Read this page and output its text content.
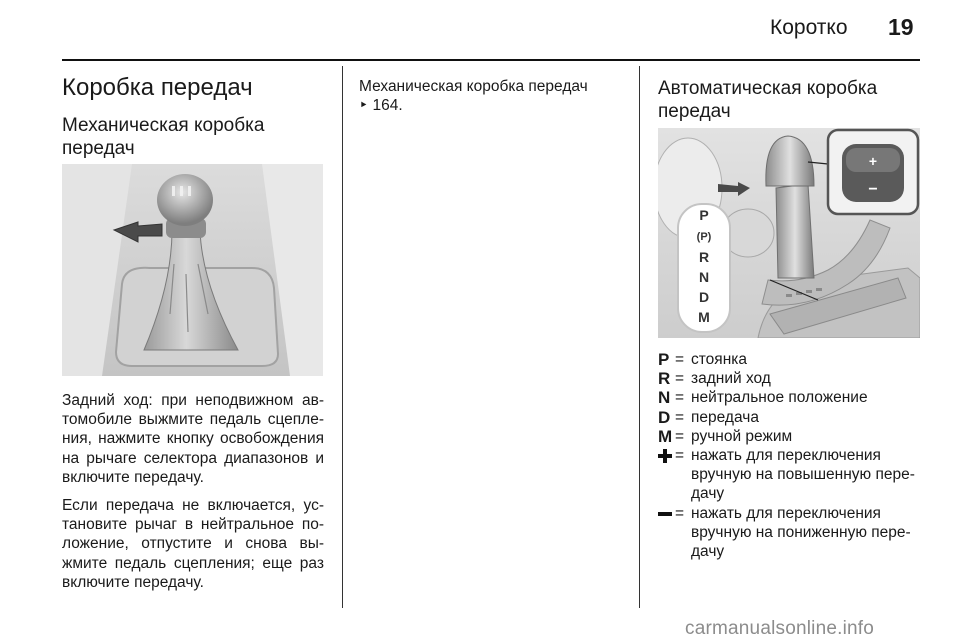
Коротко 19
Коробка передач
Механическая коробка передач

Задний ход: при неподвижном ав-томобиле выжмите педаль сцепле-ния, нажмите кнопку освобождения на рычаге селектора диапазонов и включите передачу.

Если передача не включается, ус-тановите рычаг в нейтральное по-ложение, отпустите и снова вы-жмите педаль сцепления; еще раз включите передачу.

Механическая коробка передач
‣ 164.
Автоматическая коробка передач
P
(P)
R
N
D
M
+
−
P = стоянка
R = задний ход
N = нейтральное положение
D = передача
M = ручной режим
= нажать для переключения вручную на повышенную пере-дачу
= нажать для переключения вручную на пониженную пере-дачу
carmanualsonline.info
